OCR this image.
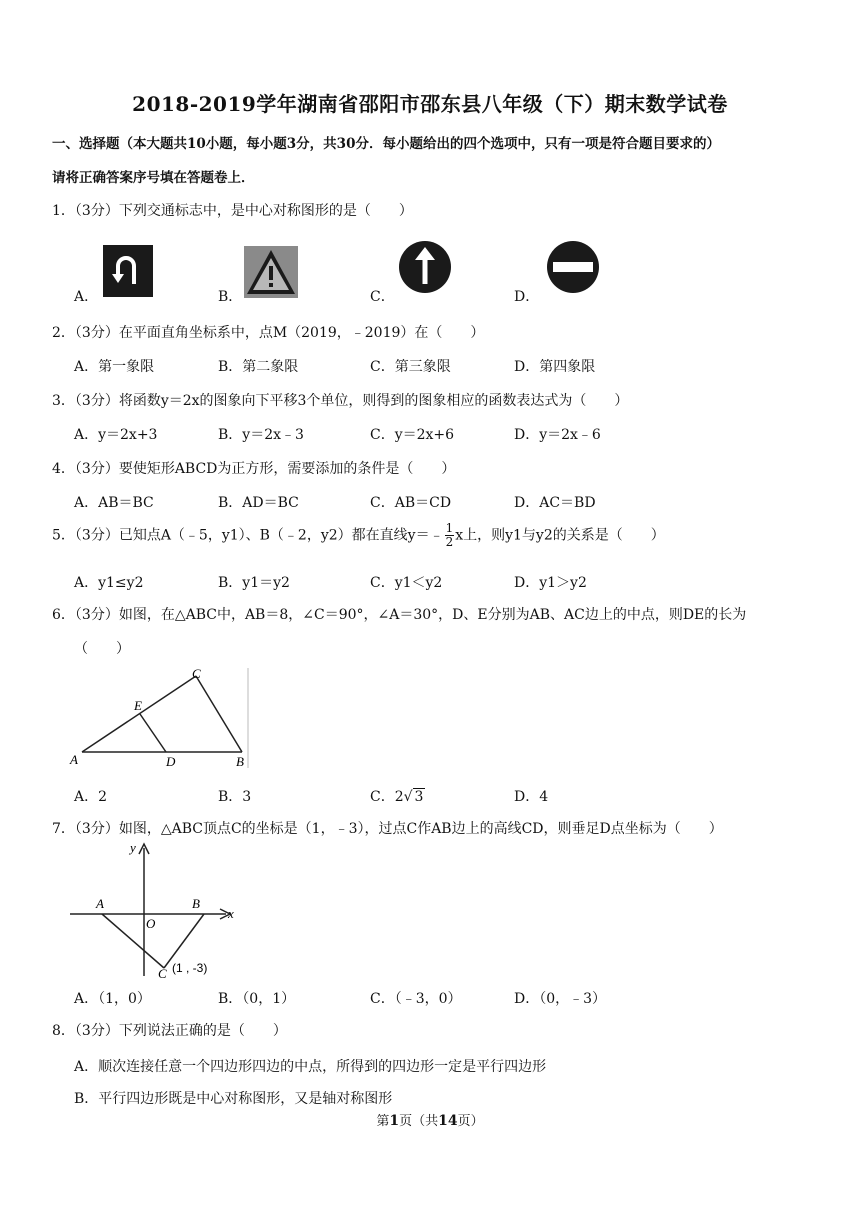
2018-2019学年湖南省邵阳市邵东县八年级（下）期末数学试卷
一、选择题（本大题共10小题，每小题3分，共30分．每小题给出的四个选项中，只有一项是符合题目要求的）
请将正确答案序号填在答题卷上．
1．（3分）下列交通标志中，是中心对称图形的是（　　）
A．	B．	C．	D．
2．（3分）在平面直角坐标系中，点M（2019，﹣2019）在（　　）
A．第一象限	B．第二象限	C．第三象限	D．第四象限
3．（3分）将函数y＝2x的图象向下平移3个单位，则得到的图象相应的函数表达式为（　　）
A．y＝2x+3	B．y＝2x﹣3	C．y＝2x+6	D．y＝2x﹣6
4．（3分）要使矩形ABCD为正方形，需要添加的条件是（　　）
A．AB＝BC	B．AD＝BC	C．AB＝CD	D．AC＝BD
5．（3分）已知点A（﹣5，y1）、B（﹣2，y2）都在直线y＝﹣ $\frac{1}{2}$ x上，则y1与y2的关系是（　　）
A．y1≤y2	B．y1＝y2	C．y1＜y2	D．y1＞y2
6．（3分）如图，在△ABC中，AB＝8，∠C＝90°，∠A＝30°，D、E分别为AB、AC边上的中点，则DE的长为
（　　）
C
E
A	D	B
A．2	B．3	C．2√ 3	D．4
7．（3分）如图，△ABC顶点C的坐标是（1，﹣3），过点C作AB边上的高线CD，则垂足D点坐标为（　　）
y
A	B
x
O
C (1 , -3)
A．（1，0）	B．（0，1）	C．（﹣3，0）	D．（0，﹣3）
8．（3分）下列说法正确的是（　　）
A．顺次连接任意一个四边形四边的中点，所得到的四边形一定是平行四边形
B．平行四边形既是中心对称图形，又是轴对称图形
第1页（共14页）
